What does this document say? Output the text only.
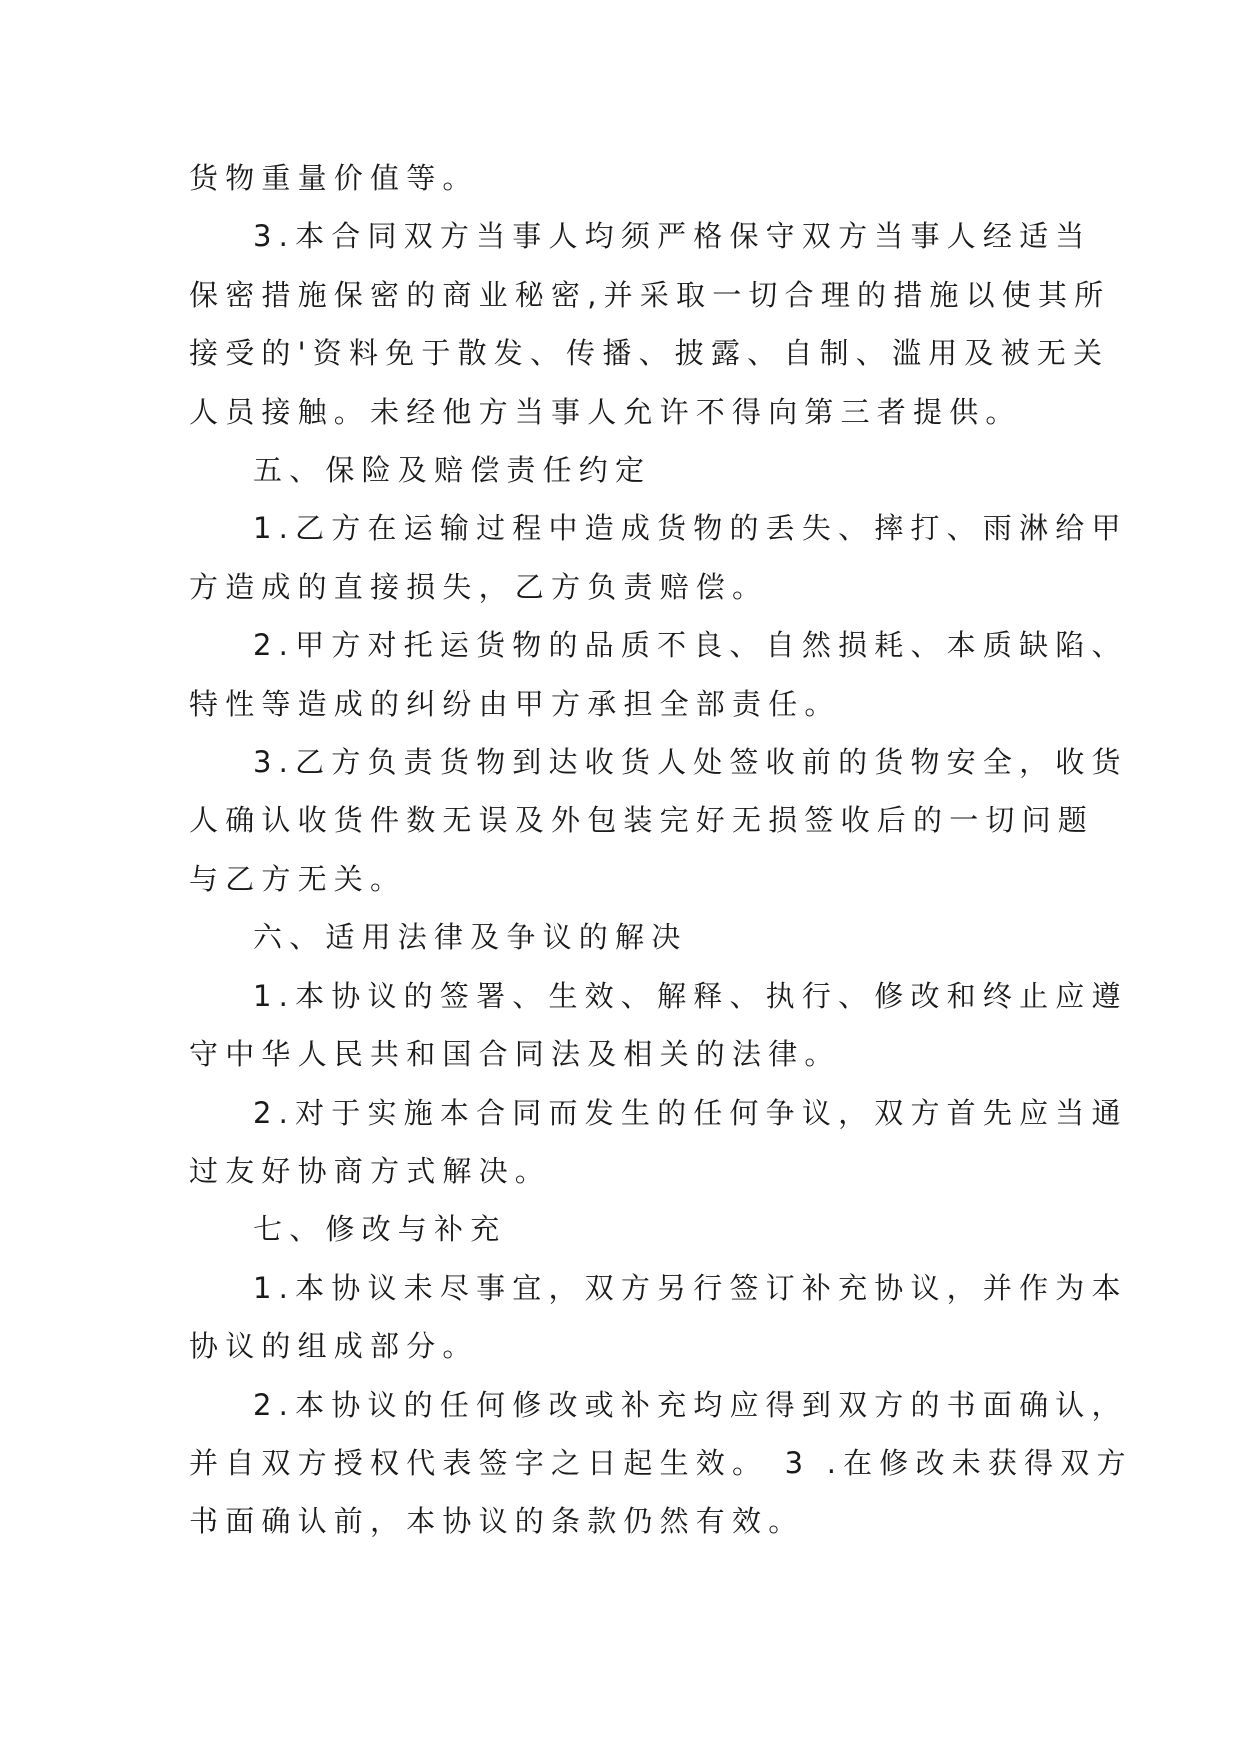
货物重量价值等。

3.本合同双方当事人均须严格保守双方当事人经适当
保密措施保密的商业秘密,并采取一切合理的措施以使其所
接受的'资料免于散发、传播、披露、自制、滥用及被无关
人员接触。未经他方当事人允许不得向第三者提供。

五、保险及赔偿责任约定

1.乙方在运输过程中造成货物的丢失、摔打、雨淋给甲
方造成的直接损失，乙方负责赔偿。

2.甲方对托运货物的品质不良、自然损耗、本质缺陷、
特性等造成的纠纷由甲方承担全部责任。

3.乙方负责货物到达收货人处签收前的货物安全，收货
人确认收货件数无误及外包装完好无损签收后的一切问题
与乙方无关。

六、适用法律及争议的解决

1.本协议的签署、生效、解释、执行、修改和终止应遵
守中华人民共和国合同法及相关的法律。

2.对于实施本合同而发生的任何争议，双方首先应当通
过友好协商方式解决。

七、修改与补充

1.本协议未尽事宜，双方另行签订补充协议，并作为本
协议的组成部分。

2.本协议的任何修改或补充均应得到双方的书面确认，
并自双方授权代表签字之日起生效。 3 .在修改未获得双方
书面确认前，本协议的条款仍然有效。
